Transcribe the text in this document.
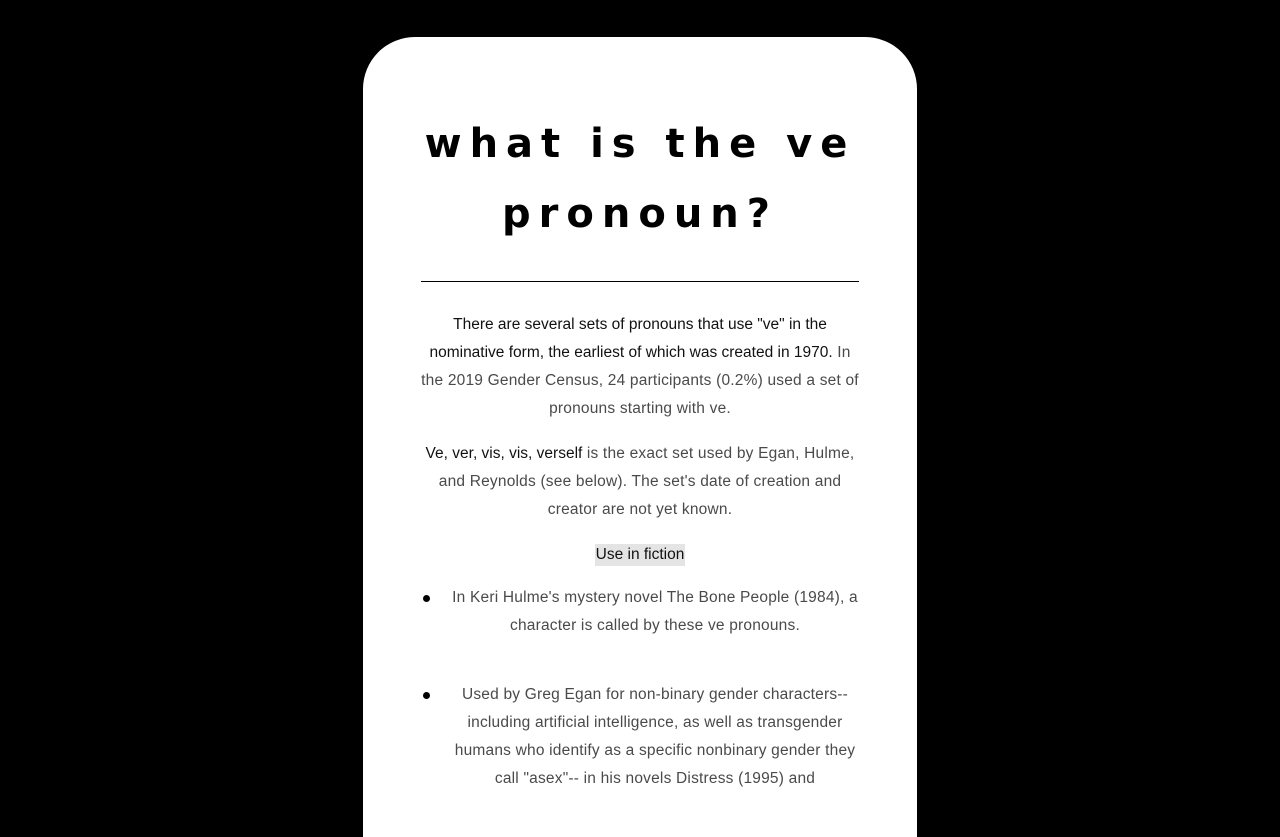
what is the ve pronoun?

There are several sets of pronouns that use "ve" in the nominative form, the earliest of which was created in 1970. In the 2019 Gender Census, 24 participants (0.2%) used a set of pronouns starting with ve.

Ve, ver, vis, vis, verself is the exact set used by Egan, Hulme, and Reynolds (see below). The set's date of creation and creator are not yet known.

Use in fiction
In Keri Hulme's mystery novel The Bone People (1984), a character is called by these ve pronouns.
Used by Greg Egan for non-binary gender characters--including artificial intelligence, as well as transgender humans who identify as a specific nonbinary gender they call "asex"-- in his novels Distress (1995) and
